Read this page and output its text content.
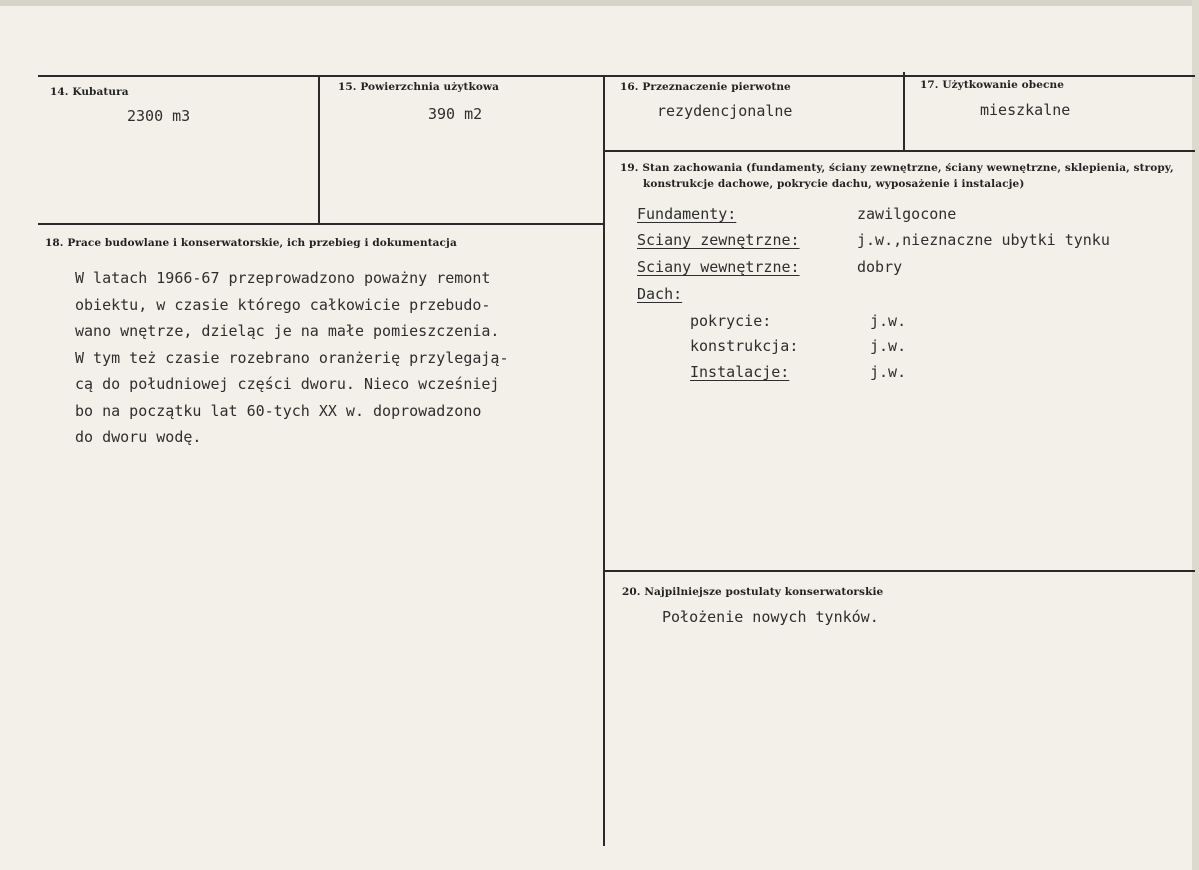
14. Kubatura
2300 m3
15. Powierzchnia użytkowa
390 m2
16. Przeznaczenie pierwotne
rezydencjonalne
17. Użytkowanie obecne
mieszkalne
18. Prace budowlane i konserwatorskie, ich przebieg i dokumentacja
W latach 1966-67 przeprowadzono poważny remont
obiektu, w czasie którego całkowicie przebudo-
wano wnętrze, dzieląc je na małe pomieszczenia.
W tym też czasie rozebrano oranżerię przylegają-
cą do południowej części dworu. Nieco wcześniej
bo na początku lat 60-tych XX w. doprowadzono
do dworu wodę.
19. Stan zachowania (fundamenty, ściany zewnętrzne, ściany wewnętrzne, sklepienia, stropy,
konstrukcje dachowe, pokrycie dachu, wyposażenie i instalacje)
Fundamenty:	zawilgocone
Sciany zewnętrzne:	j.w.,nieznaczne ubytki tynku
Sciany wewnętrzne:	dobry
Dach:
pokrycie:	j.w.
konstrukcja:	j.w.
Instalacje:	j.w.
20. Najpilniejsze postulaty konserwatorskie
Położenie nowych tynków.
